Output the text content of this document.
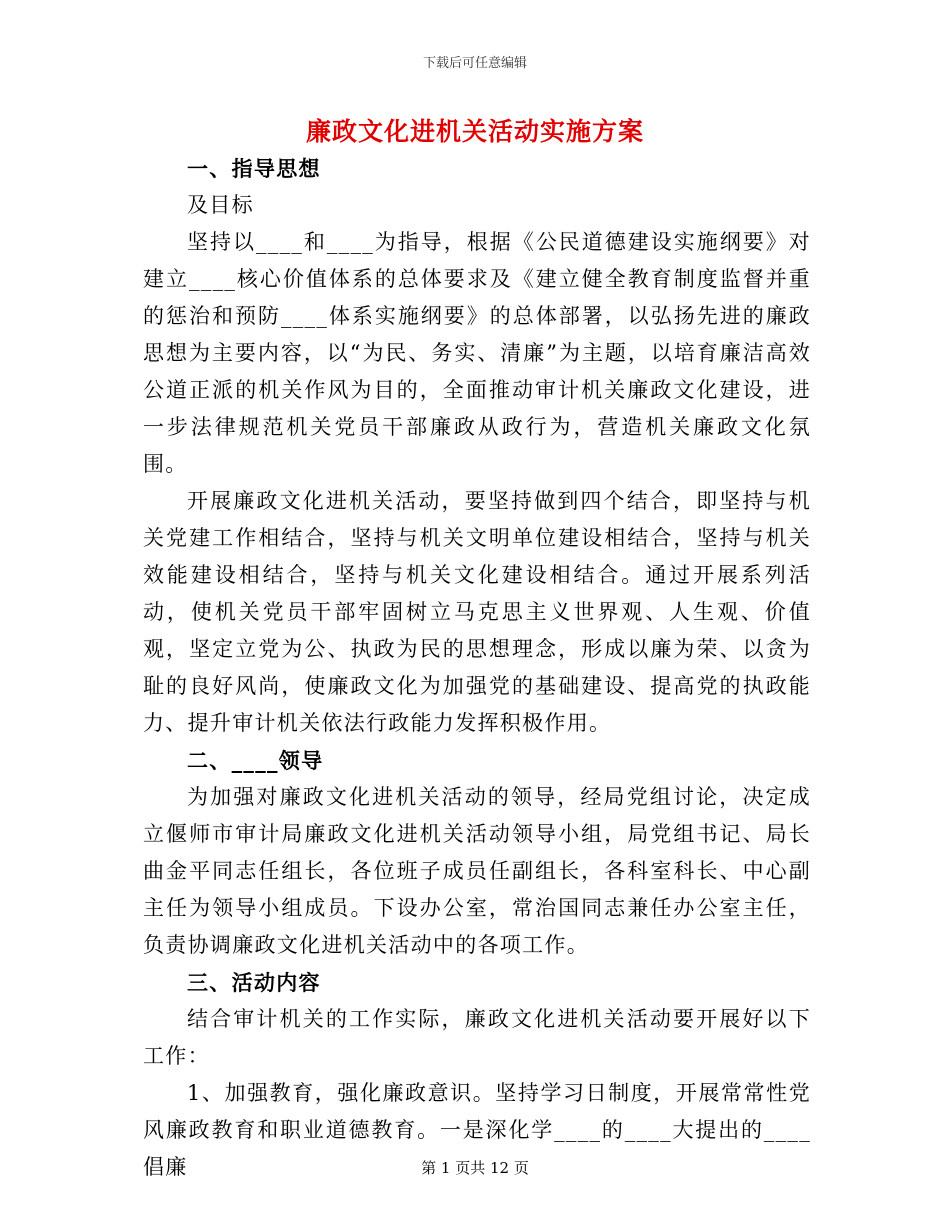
下载后可任意编辑
廉政文化进机关活动实施方案
一、指导思想

及目标

坚持以____和____为指导，根据《公民道德建设实施纲要》对建立____核心价值体系的总体要求及《建立健全教育制度监督并重的惩治和预防____体系实施纲要》的总体部署，以弘扬先进的廉政思想为主要内容，以“为民、务实、清廉”为主题，以培育廉洁高效公道正派的机关作风为目的，全面推动审计机关廉政文化建设，进一步法律规范机关党员干部廉政从政行为，营造机关廉政文化氛围。

开展廉政文化进机关活动，要坚持做到四个结合，即坚持与机关党建工作相结合，坚持与机关文明单位建设相结合，坚持与机关效能建设相结合，坚持与机关文化建设相结合。通过开展系列活动，使机关党员干部牢固树立马克思主义世界观、人生观、价值观，坚定立党为公、执政为民的思想理念，形成以廉为荣、以贪为耻的良好风尚，使廉政文化为加强党的基础建设、提高党的执政能力、提升审计机关依法行政能力发挥积极作用。

二、____领导

为加强对廉政文化进机关活动的领导，经局党组讨论，决定成立偃师市审计局廉政文化进机关活动领导小组，局党组书记、局长曲金平同志任组长，各位班子成员任副组长，各科室科长、中心副主任为领导小组成员。下设办公室，常治国同志兼任办公室主任，负责协调廉政文化进机关活动中的各项工作。

三、活动内容

结合审计机关的工作实际，廉政文化进机关活动要开展好以下工作：

1、加强教育，强化廉政意识。坚持学习日制度，开展常常性党风廉政教育和职业道德教育。一是深化学____的____大提出的____倡廉	第 1 页共 12 页
